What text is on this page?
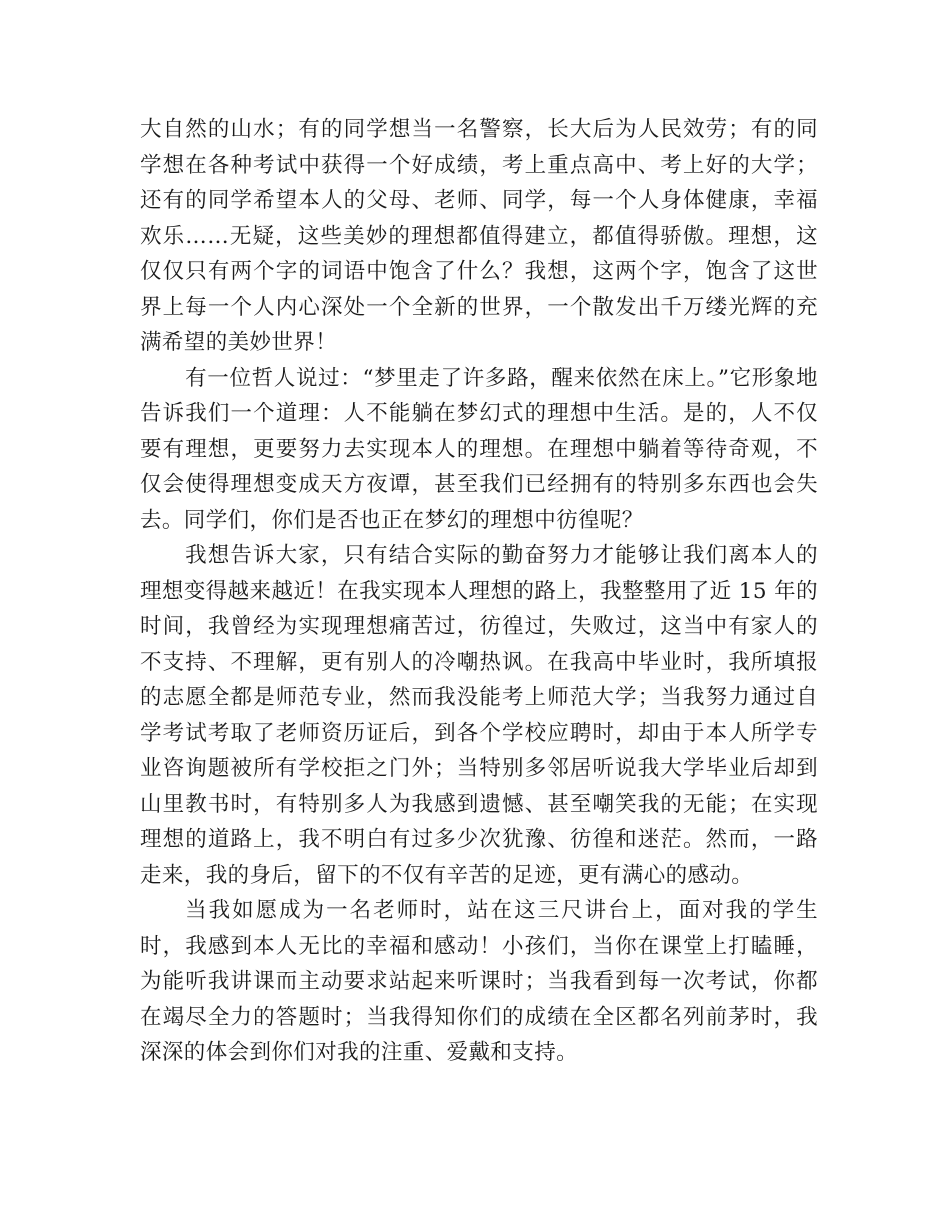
大自然的山水；有的同学想当一名警察，长大后为人民效劳；有的同学想在各种考试中获得一个好成绩，考上重点高中、考上好的大学；还有的同学希望本人的父母、老师、同学，每一个人身体健康，幸福欢乐……无疑，这些美妙的理想都值得建立，都值得骄傲。理想，这仅仅只有两个字的词语中饱含了什么？我想，这两个字，饱含了这世界上每一个人内心深处一个全新的世界，一个散发出千万缕光辉的充满希望的美妙世界！

有一位哲人说过：“梦里走了许多路，醒来依然在床上。”它形象地告诉我们一个道理：人不能躺在梦幻式的理想中生活。是的，人不仅要有理想，更要努力去实现本人的理想。在理想中躺着等待奇观，不仅会使得理想变成天方夜谭，甚至我们已经拥有的特别多东西也会失去。同学们，你们是否也正在梦幻的理想中彷徨呢？

我想告诉大家，只有结合实际的勤奋努力才能够让我们离本人的理想变得越来越近！在我实现本人理想的路上，我整整用了近 15 年的时间，我曾经为实现理想痛苦过，彷徨过，失败过，这当中有家人的不支持、不理解，更有别人的冷嘲热讽。在我高中毕业时，我所填报的志愿全都是师范专业，然而我没能考上师范大学；当我努力通过自学考试考取了老师资历证后，到各个学校应聘时，却由于本人所学专业咨询题被所有学校拒之门外；当特别多邻居听说我大学毕业后却到山里教书时，有特别多人为我感到遗憾、甚至嘲笑我的无能；在实现理想的道路上，我不明白有过多少次犹豫、彷徨和迷茫。然而，一路走来，我的身后，留下的不仅有辛苦的足迹，更有满心的感动。

当我如愿成为一名老师时，站在这三尺讲台上，面对我的学生时，我感到本人无比的幸福和感动！小孩们，当你在课堂上打瞌睡，为能听我讲课而主动要求站起来听课时；当我看到每一次考试，你都在竭尽全力的答题时；当我得知你们的成绩在全区都名列前茅时，我深深的体会到你们对我的注重、爱戴和支持。
